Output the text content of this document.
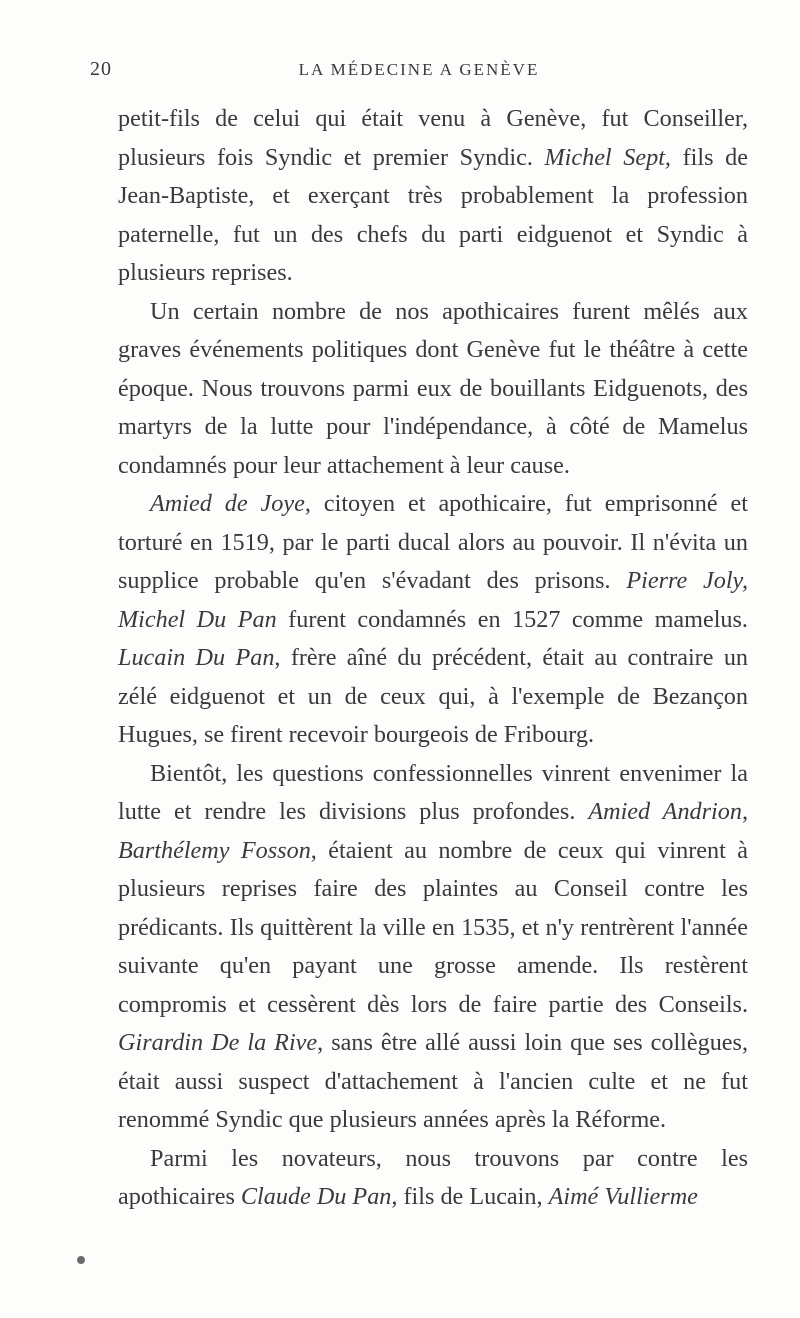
20	LA MÉDECINE A GENÈVE

petit-fils de celui qui était venu à Genève, fut Conseiller, plusieurs fois Syndic et premier Syndic. Michel Sept, fils de Jean-Baptiste, et exerçant très probablement la profession paternelle, fut un des chefs du parti eidguenot et Syndic à plusieurs reprises.

Un certain nombre de nos apothicaires furent mêlés aux graves événements politiques dont Genève fut le théâtre à cette époque. Nous trouvons parmi eux de bouillants Eidguenots, des martyrs de la lutte pour l'indépendance, à côté de Mamelus condamnés pour leur attachement à leur cause.

Amied de Joye, citoyen et apothicaire, fut emprisonné et torturé en 1519, par le parti ducal alors au pouvoir. Il n'évita un supplice probable qu'en s'évadant des prisons. Pierre Joly, Michel Du Pan furent condamnés en 1527 comme mamelus. Lucain Du Pan, frère aîné du précédent, était au contraire un zélé eidguenot et un de ceux qui, à l'exemple de Bezançon Hugues, se firent recevoir bourgeois de Fribourg.

Bientôt, les questions confessionnelles vinrent envenimer la lutte et rendre les divisions plus profondes. Amied Andrion, Barthélemy Fosson, étaient au nombre de ceux qui vinrent à plusieurs reprises faire des plaintes au Conseil contre les prédicants. Ils quittèrent la ville en 1535, et n'y rentrèrent l'année suivante qu'en payant une grosse amende. Ils restèrent compromis et cessèrent dès lors de faire partie des Conseils. Girardin De la Rive, sans être allé aussi loin que ses collègues, était aussi suspect d'attachement à l'ancien culte et ne fut renommé Syndic que plusieurs années après la Réforme.

Parmi les novateurs, nous trouvons par contre les apothicaires Claude Du Pan, fils de Lucain, Aimé Vullierme
